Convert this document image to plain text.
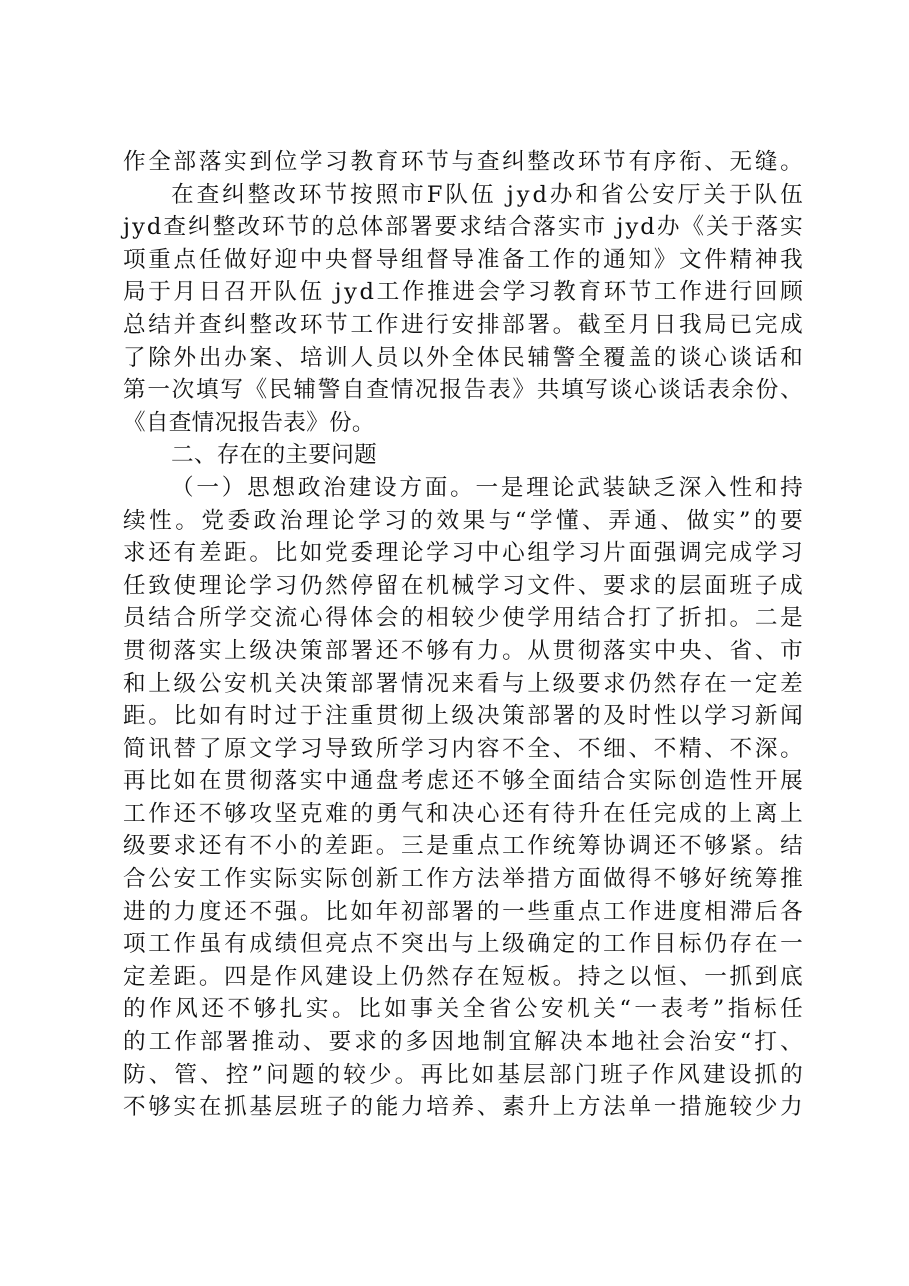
作全部落实到位学习教育环节与查纠整改环节有序衔、无缝。
在查纠整改环节按照市F队伍 jyd办和省公安厅关于队伍
jyd查纠整改环节的总体部署要求结合落实市 jyd办《关于落实
项重点任做好迎中央督导组督导准备工作的通知》文件精神我
局于月日召开队伍 jyd工作推进会学习教育环节工作进行回顾
总结并查纠整改环节工作进行安排部署。截至月日我局已完成
了除外出办案、培训人员以外全体民辅警全覆盖的谈心谈话和
第一次填写《民辅警自查情况报告表》共填写谈心谈话表余份、
《自查情况报告表》份。
二、存在的主要问题
（一）思想政治建设方面。一是理论武装缺乏深入性和持
续性。党委政治理论学习的效果与“学懂、弄通、做实”的要
求还有差距。比如党委理论学习中心组学习片面强调完成学习
任致使理论学习仍然停留在机械学习文件、要求的层面班子成
员结合所学交流心得体会的相较少使学用结合打了折扣。二是
贯彻落实上级决策部署还不够有力。从贯彻落实中央、省、市
和上级公安机关决策部署情况来看与上级要求仍然存在一定差
距。比如有时过于注重贯彻上级决策部署的及时性以学习新闻
简讯替了原文学习导致所学习内容不全、不细、不精、不深。
再比如在贯彻落实中通盘考虑还不够全面结合实际创造性开展
工作还不够攻坚克难的勇气和决心还有待升在任完成的上离上
级要求还有不小的差距。三是重点工作统筹协调还不够紧。结
合公安工作实际实际创新工作方法举措方面做得不够好统筹推
进的力度还不强。比如年初部署的一些重点工作进度相滞后各
项工作虽有成绩但亮点不突出与上级确定的工作目标仍存在一
定差距。四是作风建设上仍然存在短板。持之以恒、一抓到底
的作风还不够扎实。比如事关全省公安机关“一表考”指标任
的工作部署推动、要求的多因地制宜解决本地社会治安“打、
防、管、控”问题的较少。再比如基层部门班子作风建设抓的
不够实在抓基层班子的能力培养、素升上方法单一措施较少力
